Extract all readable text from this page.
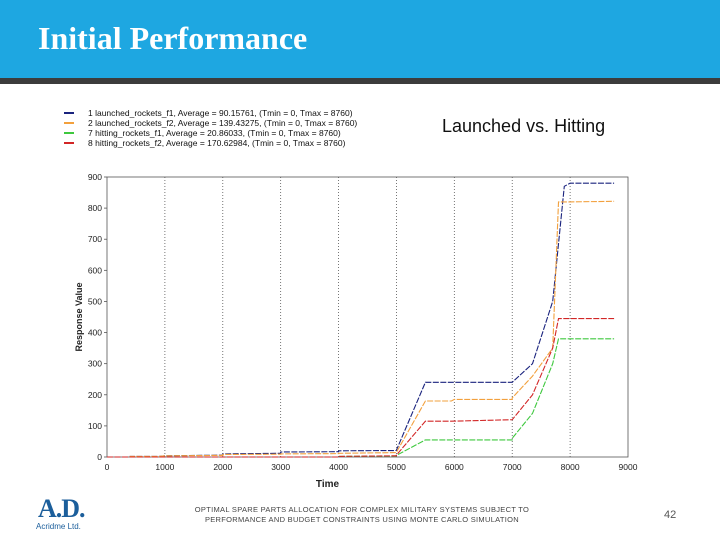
Initial Performance
1 launched_rockets_f1, Average = 90.15761, (Tmin = 0, Tmax = 8760)
2 launched_rockets_f2, Average = 139.43275, (Tmin = 0, Tmax = 8760)
7 hitting_rockets_f1, Average = 20.86033, (Tmin = 0, Tmax = 8760)
8 hitting_rockets_f2, Average = 170.62984, (Tmin = 0, Tmax = 8760)
Launched vs. Hitting
0	1000	2000	3000	4000	5000	6000	7000	8000	9000
0
100
200
300
400
500
600
700
800
900
Time
Response Value
A.D.
Acridme Ltd.
OPTIMAL SPARE PARTS ALLOCATION FOR COMPLEX MILITARY SYSTEMS SUBJECT TO PERFORMANCE AND BUDGET CONSTRAINTS USING MONTE CARLO SIMULATION	42
